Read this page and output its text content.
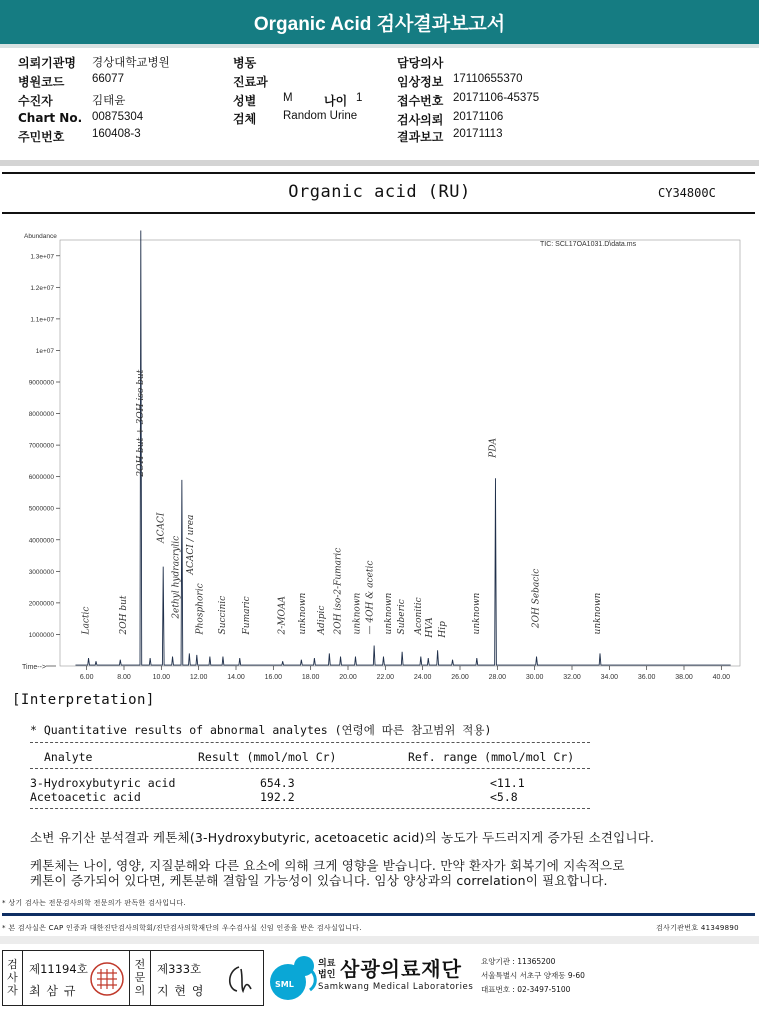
Organic Acid 검사결과보고서
의뢰기관명 경상대학교병원
병원코드 66077
수진자	김태윤
Chart No. 00875304
주민번호 160408-3
병동
진료과
성별 M	나이 1
검체 Random Urine
담당의사
임상정보 17110655370
접수번호 20171106-45375
검사의뢰 20171106
결과보고 20171113
Organic acid (RU)	CY34800C
1000000
2000000
3000000
4000000
5000000
6000000
7000000
8000000
9000000
1e+07
1.1e+07
1.2e+07
1.3e+07
Abundance
TIC: SCL17OA1031.D\data.ms
6.00	8.00	10.00	12.00	14.00	16.00	18.00	20.00	22.00	24.00	26.00	28.00	30.00	32.00	34.00	36.00	38.00	40.00
Time-->
Lactic	2OH but
2OH but + 3OH iso but
ACACI
2ethyl hydracrylic ACACI / urea
Phosphoric Succinic Fumaric	2-MOAA unknown Adipic 2OH iso-2-Fumaric unknown — 4OH & acetic unknown Suberic Aconitic HVA Hip	unknown
PDA
2OH Sebacic	unknown
[Interpretation]
* Quantitative results of abnormal analytes (연령에 따른 참고범위 적용)
Analyte	Result (mmol/mol Cr)	Ref. range (mmol/mol Cr)
3-Hydroxybutyric acid	654.3	<11.1
Acetoacetic acid	192.2	<5.8
소변 유기산 분석결과 케톤체(3-Hydroxybutyric, acetoacetic acid)의 농도가 두드러지게 증가된 소견입니다.
케톤체는 나이, 영양, 지질분해와 다른 요소에 의해 크게 영향을 받습니다. 만약 환자가 회복기에 지속적으로
케톤이 증가되어 있다면, 케톤분해 결함일 가능성이 있습니다. 임상 양상과의 correlation이 필요합니다.
* 상기 검사는 전문검사의학 전문의가 판독한 검사입니다.
* 본 검사실은 CAP 인증과 대한진단검사의학회/진단검사의학재단의 우수검사실 신임 인증을 받은 검사실입니다.	검사기관번호 41349890
검사자
제11194호
최 삼 규
전문의
제333호
지 현 영	SML
의료
법인 삼광의료재단
Samkwang Medical Laboratories
요양기관 : 11365200
서울특별시 서초구 양재동 9-60
대표번호 : 02-3497-5100
